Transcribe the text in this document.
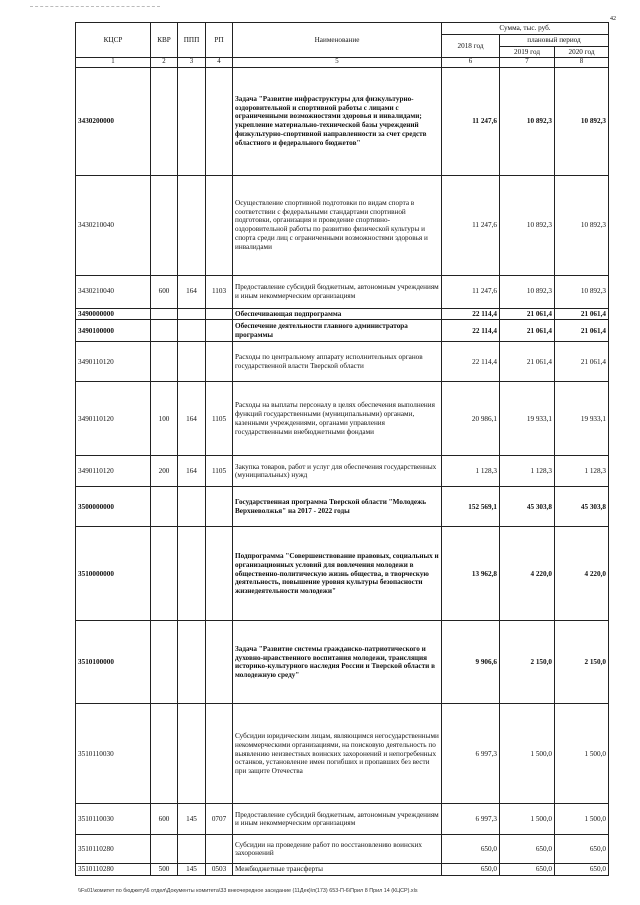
42
КЦСР	КВР	ППП	РП	Наименование	Сумма, тыс. руб.		
					2018 год	плановый период	
						2019 год	2020 год
1	2	3	4	5	6	7	8
3430200000				Задача "Развитие инфраструктуры для физкультурно-оздоровительной и спортивной работы с лицами с ограниченными возможностями здоровья и инвалидами; укрепление материально-технической базы учреждений физкультурно-спортивной направленности за счет средств областного и федерального бюджетов"	11 247,6	10 892,3	10 892,3
3430210040				Осуществление спортивной подготовки по видам спорта в соответствии с федеральными стандартами спортивной подготовки, организация и проведение спортивно-оздоровительной работы по развитию физической культуры и спорта среди лиц с ограниченными возможностями здоровья и инвалидами	11 247,6	10 892,3	10 892,3
3430210040	600	164	1103	Предоставление субсидий бюджетным, автономным учреждениям и иным некоммерческим организациям	11 247,6	10 892,3	10 892,3
3490000000				Обеспечивающая подпрограмма	22 114,4	21 061,4	21 061,4
3490100000				Обеспечение деятельности главного администратора программы	22 114,4	21 061,4	21 061,4
3490110120				Расходы по центральному аппарату исполнительных органов государственной власти Тверской области	22 114,4	21 061,4	21 061,4
3490110120	100	164	1105	Расходы на выплаты персоналу в целях обеспечения выполнения функций государственными (муниципальными) органами, казенными учреждениями, органами управления государственными внебюджетными фондами	20 986,1	19 933,1	19 933,1
3490110120	200	164	1105	Закупка товаров, работ и услуг для обеспечения государственных (муниципальных) нужд	1 128,3	1 128,3	1 128,3
3500000000				Государственная программа Тверской области "Молодежь Верхневолжья" на 2017 - 2022 годы	152 569,1	45 303,8	45 303,8
3510000000				Подпрограмма "Совершенствование правовых, социальных и организационных условий для вовлечения молодежи в общественно-политическую жизнь общества, в творческую деятельность, повышение уровня культуры безопасности жизнедеятельности молодежи"	13 962,8	4 220,0	4 220,0
3510100000				Задача "Развитие системы гражданско-патриотического и духовно-нравственного воспитания молодежи, трансляция историко-культурного наследия России и Тверской области в молодежную среду"	9 906,6	2 150,0	2 150,0
3510110030				Субсидии юридическим лицам, являющимся негосударственными некоммерческими организациями, на поисковую деятельность по выявлению неизвестных воинских захоронений и непогребенных останков, установление имен погибших и пропавших без вести при защите Отечества	6 997,3	1 500,0	1 500,0
3510110030	600	145	0707	Предоставление субсидий бюджетным, автономным учреждениям и иным некоммерческим организациям	6 997,3	1 500,0	1 500,0
3510110280				Субсидии на проведение работ по восстановлению воинских захоронений	650,0	650,0	650,0
3510110280	500	145	0503	Межбюджетные трансферты	650,0	650,0	650,0
\\Fs01\комитет по бюджету\6 отдел\Документы комитета\33 внеочередное заседание (11Дек)\п(173) 653-П-6\Прил 8 Прил 14 (КЦСР).xls
